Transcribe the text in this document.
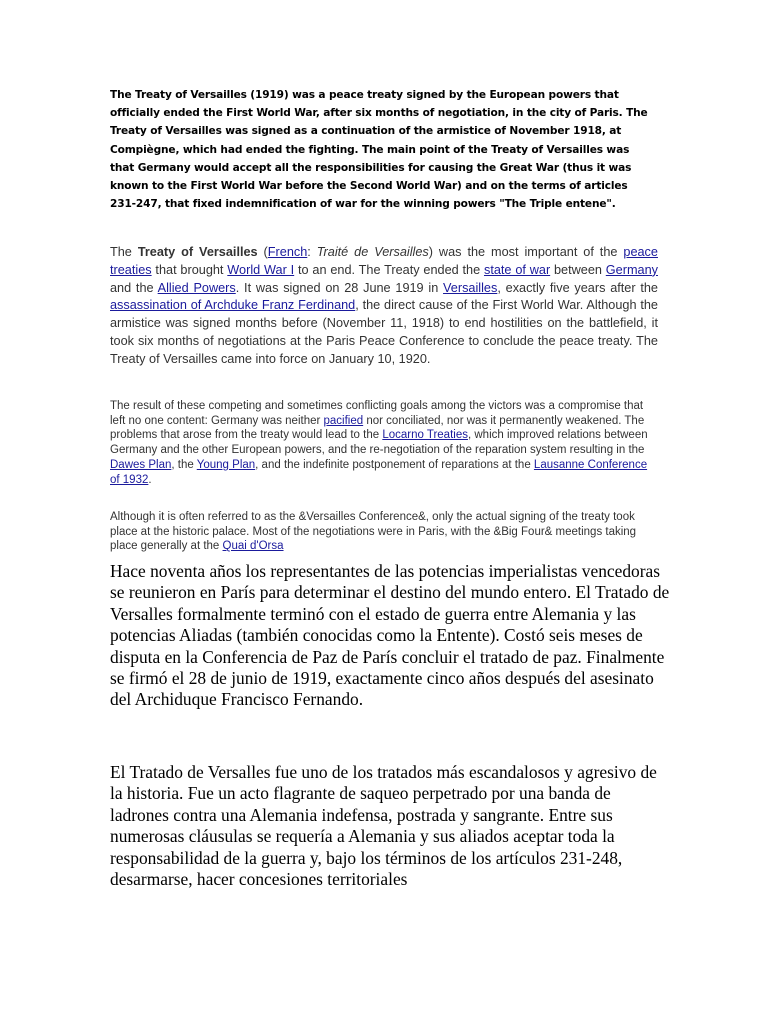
The Treaty of Versailles (1919) was a peace treaty signed by the European powers that officially ended the First World War, after six months of negotiation, in the city of Paris. The Treaty of Versailles was signed as a continuation of the armistice of November 1918, at Compiègne, which had ended the fighting. The main point of the Treaty of Versailles was that Germany would accept all the responsibilities for causing the Great War (thus it was known to the First World War before the Second World War) and on the terms of articles 231-247, that fixed indemnification of war for the winning powers "The Triple entene".

The Treaty of Versailles (French: Traité de Versailles) was the most important of the peace treaties that brought World War I to an end. The Treaty ended the state of war between Germany and the Allied Powers. It was signed on 28 June 1919 in Versailles, exactly five years after the assassination of Archduke Franz Ferdinand, the direct cause of the First World War. Although the armistice was signed months before (November 11, 1918) to end hostilities on the battlefield, it took six months of negotiations at the Paris Peace Conference to conclude the peace treaty. The Treaty of Versailles came into force on January 10, 1920.

The result of these competing and sometimes conflicting goals among the victors was a compromise that left no one content: Germany was neither pacified nor conciliated, nor was it permanently weakened. The problems that arose from the treaty would lead to the Locarno Treaties, which improved relations between Germany and the other European powers, and the re-negotiation of the reparation system resulting in the Dawes Plan, the Young Plan, and the indefinite postponement of reparations at the Lausanne Conference of 1932.

Although it is often referred to as the &Versailles Conference&, only the actual signing of the treaty took place at the historic palace. Most of the negotiations were in Paris, with the &Big Four& meetings taking place generally at the Quai d'Orsa

Hace noventa años los representantes de las potencias imperialistas vencedoras se reunieron en París para determinar el destino del mundo entero. El Tratado de Versalles formalmente terminó con el estado de guerra entre Alemania y las potencias Aliadas (también conocidas como la Entente). Costó seis meses de disputa en la Conferencia de Paz de París concluir el tratado de paz. Finalmente se firmó el 28 de junio de 1919, exactamente cinco años después del asesinato del Archiduque Francisco Fernando.

El Tratado de Versalles fue uno de los tratados más escandalosos y agresivo de la historia. Fue un acto flagrante de saqueo perpetrado por una banda de ladrones contra una Alemania indefensa, postrada y sangrante. Entre sus numerosas cláusulas se requería a Alemania y sus aliados aceptar toda la responsabilidad de la guerra y, bajo los términos de los artículos 231-248, desarmarse, hacer concesiones territoriales
